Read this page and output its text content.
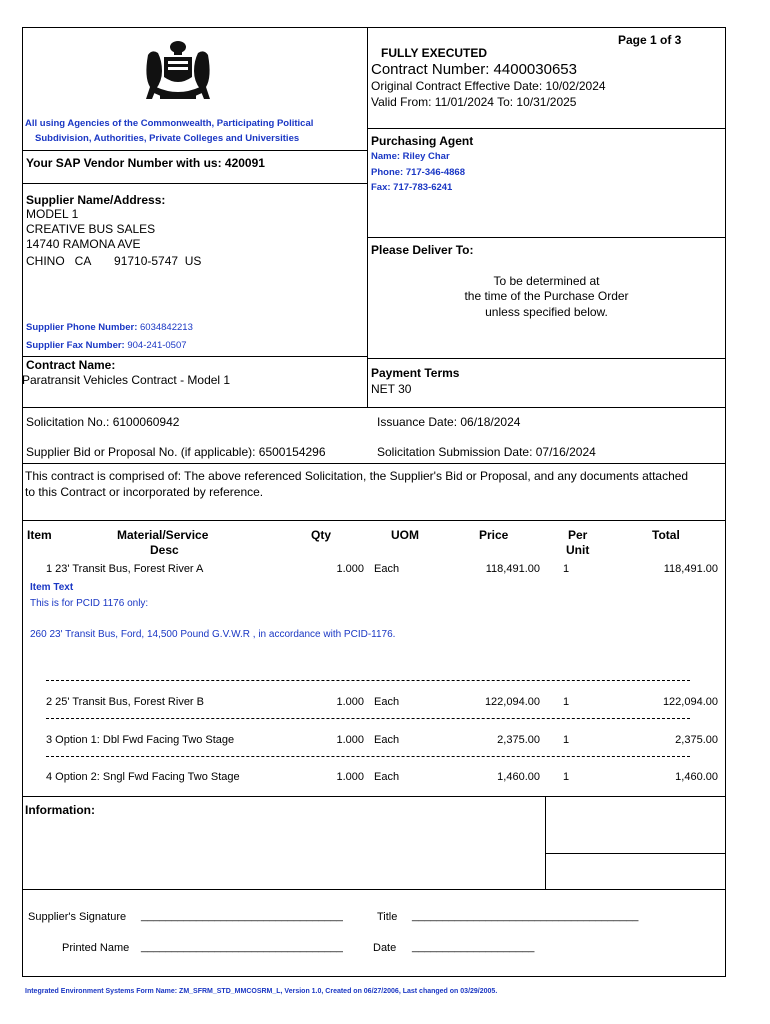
Page 1 of 3
FULLY EXECUTED
Contract Number: 4400030653
Original Contract Effective Date: 10/02/2024
Valid From: 11/01/2024 To: 10/31/2025
All using Agencies of the Commonwealth, Participating Political
Subdivision, Authorities, Private Colleges and Universities
Your SAP Vendor Number with us: 420091
Purchasing Agent
Name: Riley Char
Phone: 717-346-4868
Fax: 717-783-6241
Supplier Name/Address:
MODEL 1
CREATIVE BUS SALES
14740 RAMONA AVE
CHINO   CA       91710-5747  US
Supplier Phone Number: 6034842213
Supplier Fax Number: 904-241-0507
Please Deliver To:
To be determined at
the time of the Purchase Order
unless specified below.
Contract Name:
Paratransit Vehicles Contract - Model 1	Payment Terms
NET 30
Solicitation No.: 6100060942	Issuance Date: 06/18/2024
Supplier Bid or Proposal No. (if applicable): 6500154296	Solicitation Submission Date: 07/16/2024
This contract is comprised of: The above referenced Solicitation, the Supplier's Bid or Proposal, and any documents attached
to this Contract or incorporated by reference.
Item	Material/Service
Desc
Qty	UOM	Price	Per
Unit
Total
1 23' Transit Bus, Forest River A	1.000 Each	118,491.00 1	118,491.00
Item Text
This is for PCID 1176 only:
260 23' Transit Bus, Ford, 14,500 Pound G.V.W.R , in accordance with PCID-1176.
2 25' Transit Bus, Forest River B	1.000 Each	122,094.00 1	122,094.00
3 Option 1: Dbl Fwd Facing Two Stage	1.000 Each	2,375.00 1	2,375.00
4 Option 2: Sngl Fwd Facing Two Stage	1.000 Each	1,460.00 1	1,460.00
Information:
Supplier's Signature _________________________________
Printed Name _________________________________
Title _____________________________________
Date ____________________
Integrated Environment Systems Form Name: ZM_SFRM_STD_MMCOSRM_L, Version 1.0, Created on 06/27/2006, Last changed on 03/29/2005.
